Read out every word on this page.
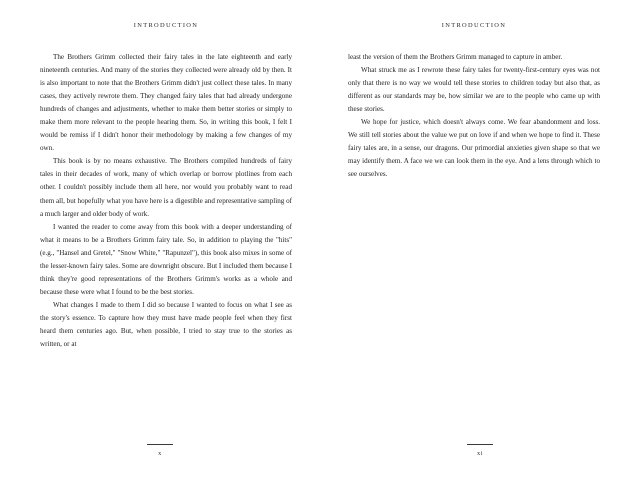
INTRODUCTION

The Brothers Grimm collected their fairy tales in the late eighteenth and early nineteenth centuries. And many of the stories they collected were already old by then. It is also important to note that the Brothers Grimm didn't just collect these tales. In many cases, they actively rewrote them. They changed fairy tales that had already undergone hundreds of changes and adjustments, whether to make them better stories or simply to make them more relevant to the people hearing them. So, in writing this book, I felt I would be remiss if I didn't honor their methodology by making a few changes of my own.

This book is by no means exhaustive. The Brothers compiled hundreds of fairy tales in their decades of work, many of which overlap or borrow plotlines from each other. I couldn't possibly include them all here, nor would you probably want to read them all, but hopefully what you have here is a digestible and representative sampling of a much larger and older body of work.

I wanted the reader to come away from this book with a deeper understanding of what it means to be a Brothers Grimm fairy tale. So, in addition to playing the "hits" (e.g., "Hansel and Gretel," "Snow White," "Rapunzel"), this book also mixes in some of the lesser-known fairy tales. Some are downright obscure. But I included them because I think they're good representations of the Brothers Grimm's works as a whole and because these were what I found to be the best stories.

What changes I made to them I did so because I wanted to focus on what I see as the story's essence. To capture how they must have made people feel when they first heard them centuries ago. But, when possible, I tried to stay true to the stories as written, or at

x
INTRODUCTION

least the version of them the Brothers Grimm managed to capture in amber.

What struck me as I rewrote these fairy tales for twenty-first-century eyes was not only that there is no way we would tell these stories to children today but also that, as different as our standards may be, how similar we are to the people who came up with these stories.

We hope for justice, which doesn't always come. We fear abandonment and loss. We still tell stories about the value we put on love if and when we hope to find it. These fairy tales are, in a sense, our dragons. Our primordial anxieties given shape so that we may identify them. A face we we can look them in the eye. And a lens through which to see ourselves.

xi
